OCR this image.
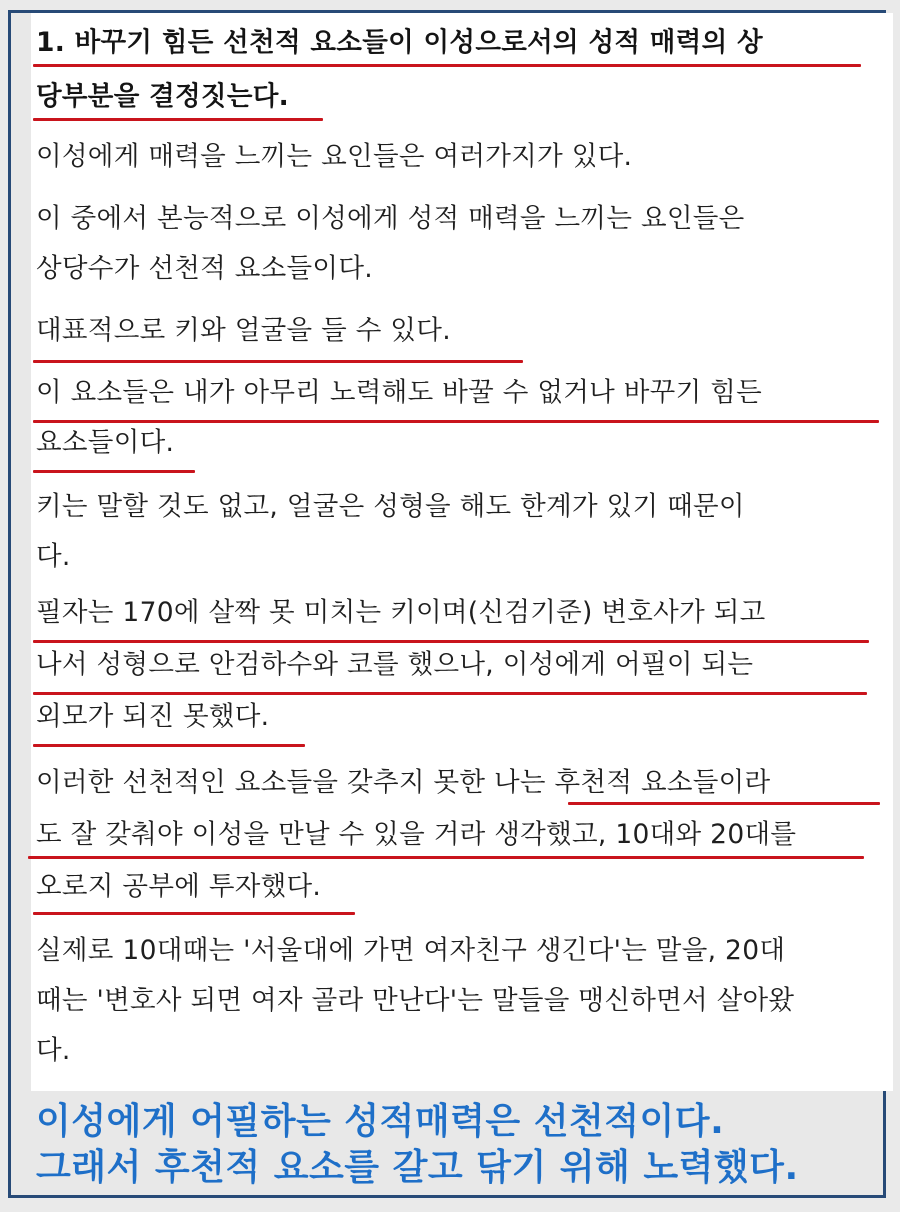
1. 바꾸기 힘든 선천적 요소들이 이성으로서의 성적 매력의 상
당부분을 결정짓는다.
이성에게 매력을 느끼는 요인들은 여러가지가 있다.
이 중에서 본능적으로 이성에게 성적 매력을 느끼는 요인들은
상당수가 선천적 요소들이다.
대표적으로 키와 얼굴을 들 수 있다.
이 요소들은 내가 아무리 노력해도 바꿀 수 없거나 바꾸기 힘든
요소들이다.
키는 말할 것도 없고, 얼굴은 성형을 해도 한계가 있기 때문이
다.
필자는 170에 살짝 못 미치는 키이며(신검기준) 변호사가 되고
나서 성형으로 안검하수와 코를 했으나, 이성에게 어필이 되는
외모가 되진 못했다.
이러한 선천적인 요소들을 갖추지 못한 나는 후천적 요소들이라
도 잘 갖춰야 이성을 만날 수 있을 거라 생각했고, 10대와 20대를
오로지 공부에 투자했다.
실제로 10대때는 '서울대에 가면 여자친구 생긴다'는 말을, 20대
때는 '변호사 되면 여자 골라 만난다'는 말들을 맹신하면서 살아왔
다.
이성에게 어필하는 성적매력은 선천적이다.
그래서 후천적 요소를 갈고 닦기 위해 노력했다.
